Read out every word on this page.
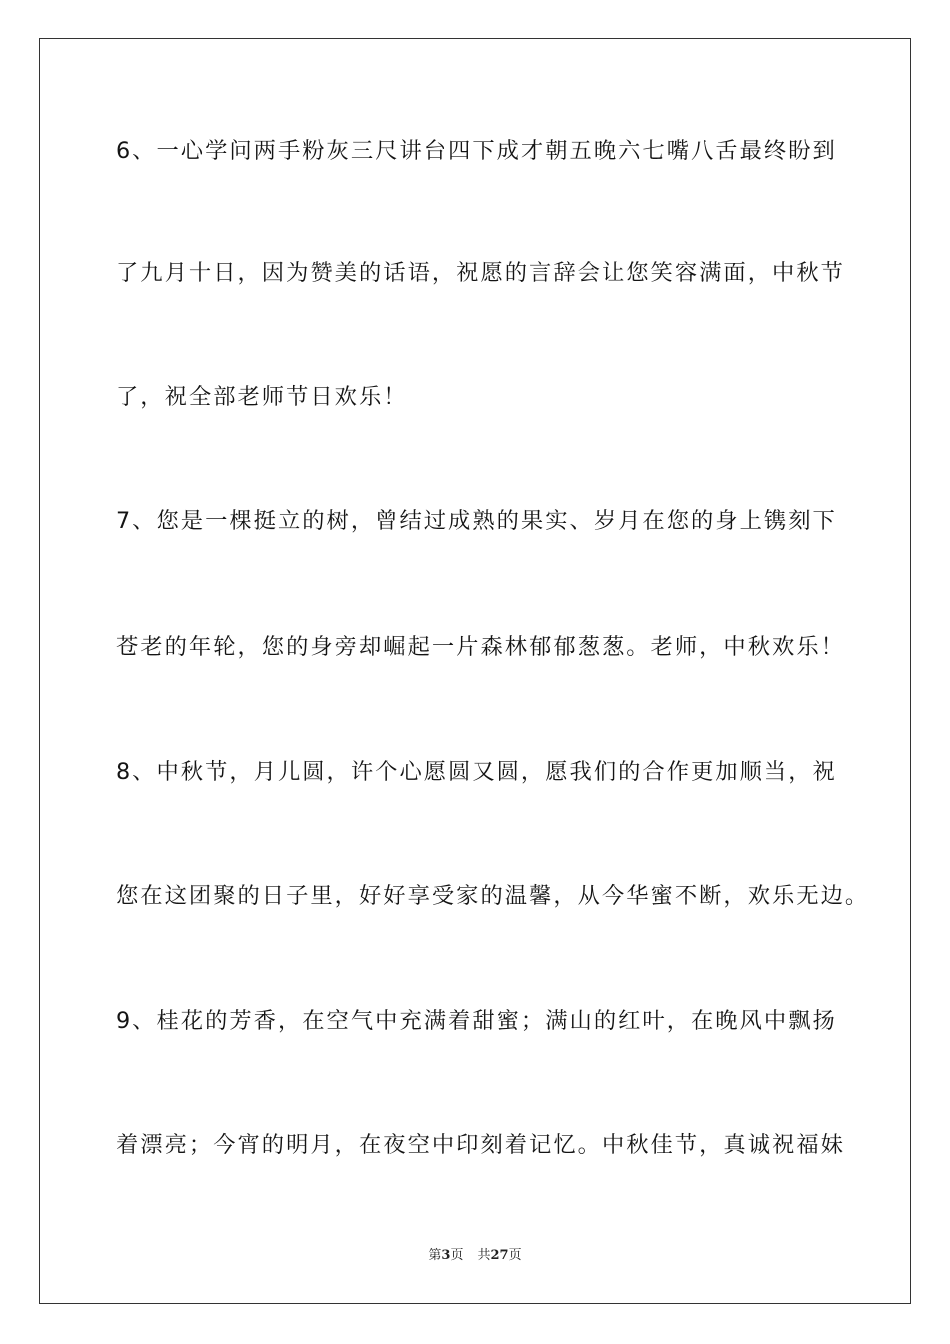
6、一心学问两手粉灰三尺讲台四下成才朝五晚六七嘴八舌最终盼到
了九月十日，因为赞美的话语，祝愿的言辞会让您笑容满面，中秋节
了，祝全部老师节日欢乐！
7、您是一棵挺立的树，曾结过成熟的果实、岁月在您的身上镌刻下
苍老的年轮，您的身旁却崛起一片森林郁郁葱葱。老师，中秋欢乐！
8、中秋节，月儿圆，许个心愿圆又圆，愿我们的合作更加顺当，祝
您在这团聚的日子里，好好享受家的温馨，从今华蜜不断，欢乐无边。
9、桂花的芳香，在空气中充满着甜蜜；满山的红叶，在晚风中飘扬
着漂亮；今宵的明月，在夜空中印刻着记忆。中秋佳节，真诚祝福妹
第3页 共27页
